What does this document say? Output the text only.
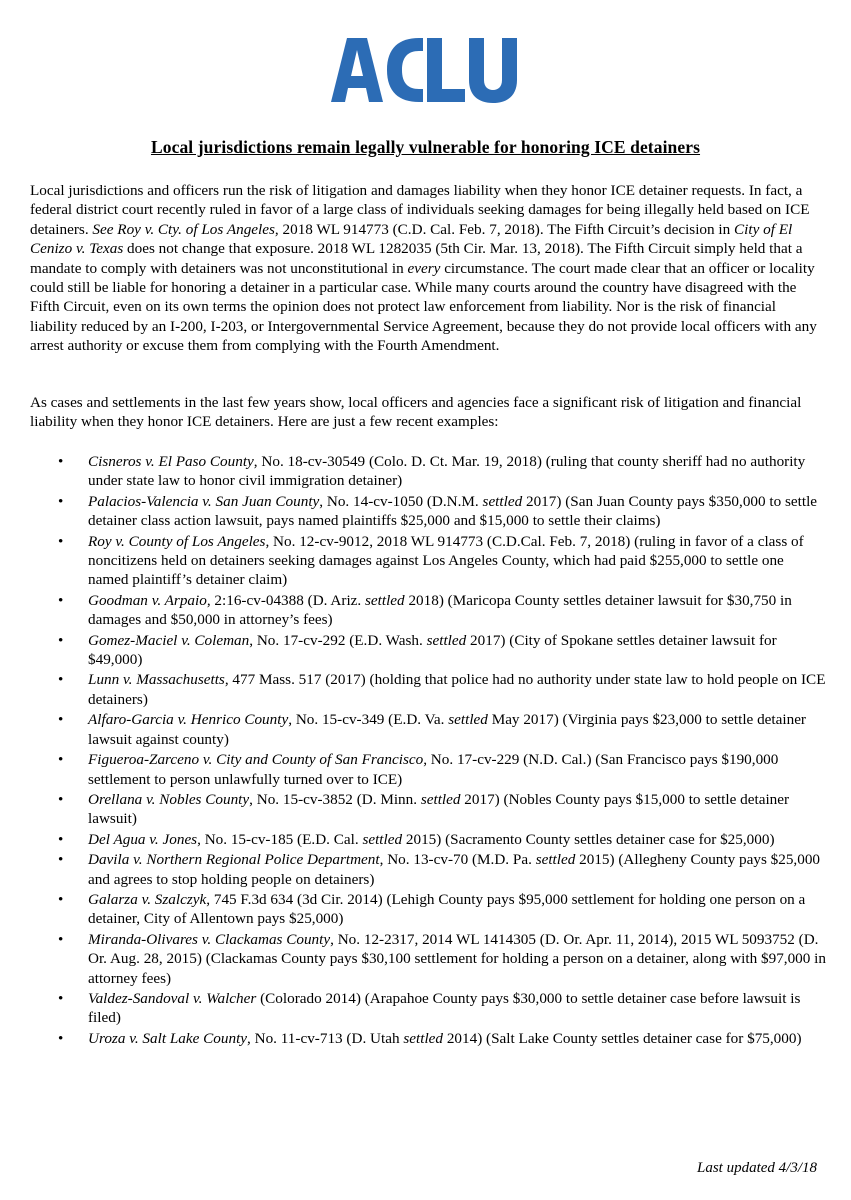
Local jurisdictions remain legally vulnerable for honoring ICE detainers

Local jurisdictions and officers run the risk of litigation and damages liability when they honor ICE detainer requests. In fact, a federal district court recently ruled in favor of a large class of individuals seeking damages for being illegally held based on ICE detainers. See Roy v. Cty. of Los Angeles, 2018 WL 914773 (C.D. Cal. Feb. 7, 2018). The Fifth Circuit’s decision in City of El Cenizo v. Texas does not change that exposure. 2018 WL 1282035 (5th Cir. Mar. 13, 2018). The Fifth Circuit simply held that a mandate to comply with detainers was not unconstitutional in every circumstance. The court made clear that an officer or locality could still be liable for honoring a detainer in a particular case. While many courts around the country have disagreed with the Fifth Circuit, even on its own terms the opinion does not protect law enforcement from liability. Nor is the risk of financial liability reduced by an I-200, I-203, or Intergovernmental Service Agreement, because they do not provide local officers with any arrest authority or excuse them from complying with the Fourth Amendment.

As cases and settlements in the last few years show, local officers and agencies face a significant risk of litigation and financial liability when they honor ICE detainers. Here are just a few recent examples:

• Cisneros v. El Paso County, No. 18-cv-30549 (Colo. D. Ct. Mar. 19, 2018) (ruling that county sheriff had no authority under state law to honor civil immigration detainer)
• Palacios-Valencia v. San Juan County, No. 14-cv-1050 (D.N.M. settled 2017) (San Juan County pays $350,000 to settle detainer class action lawsuit, pays named plaintiffs $25,000 and $15,000 to settle their claims)
• Roy v. County of Los Angeles, No. 12-cv-9012, 2018 WL 914773 (C.D.Cal. Feb. 7, 2018) (ruling in favor of a class of noncitizens held on detainers seeking damages against Los Angeles County, which had paid $255,000 to settle one named plaintiff’s detainer claim)
• Goodman v. Arpaio, 2:16-cv-04388 (D. Ariz. settled 2018) (Maricopa County settles detainer lawsuit for $30,750 in damages and $50,000 in attorney’s fees)
• Gomez-Maciel v. Coleman, No. 17-cv-292 (E.D. Wash. settled 2017) (City of Spokane settles detainer lawsuit for $49,000)
• Lunn v. Massachusetts, 477 Mass. 517 (2017) (holding that police had no authority under state law to hold people on ICE detainers)
• Alfaro-Garcia v. Henrico County, No. 15-cv-349 (E.D. Va. settled May 2017) (Virginia pays $23,000 to settle detainer lawsuit against county)
• Figueroa-Zarceno v. City and County of San Francisco, No. 17-cv-229 (N.D. Cal.) (San Francisco pays $190,000 settlement to person unlawfully turned over to ICE)
• Orellana v. Nobles County, No. 15-cv-3852 (D. Minn. settled 2017) (Nobles County pays $15,000 to settle detainer lawsuit)
• Del Agua v. Jones, No. 15-cv-185 (E.D. Cal. settled 2015) (Sacramento County settles detainer case for $25,000)
• Davila v. Northern Regional Police Department, No. 13-cv-70 (M.D. Pa. settled 2015) (Allegheny County pays $25,000 and agrees to stop holding people on detainers)
• Galarza v. Szalczyk, 745 F.3d 634 (3d Cir. 2014) (Lehigh County pays $95,000 settlement for holding one person on a detainer, City of Allentown pays $25,000)
• Miranda-Olivares v. Clackamas County, No. 12-2317, 2014 WL 1414305 (D. Or. Apr. 11, 2014), 2015 WL 5093752 (D. Or. Aug. 28, 2015) (Clackamas County pays $30,100 settlement for holding a person on a detainer, along with $97,000 in attorney fees)
• Valdez-Sandoval v. Walcher (Colorado 2014) (Arapahoe County pays $30,000 to settle detainer case before lawsuit is filed)
• Uroza v. Salt Lake County, No. 11-cv-713 (D. Utah settled 2014) (Salt Lake County settles detainer case for $75,000)
Last updated 4/3/18
